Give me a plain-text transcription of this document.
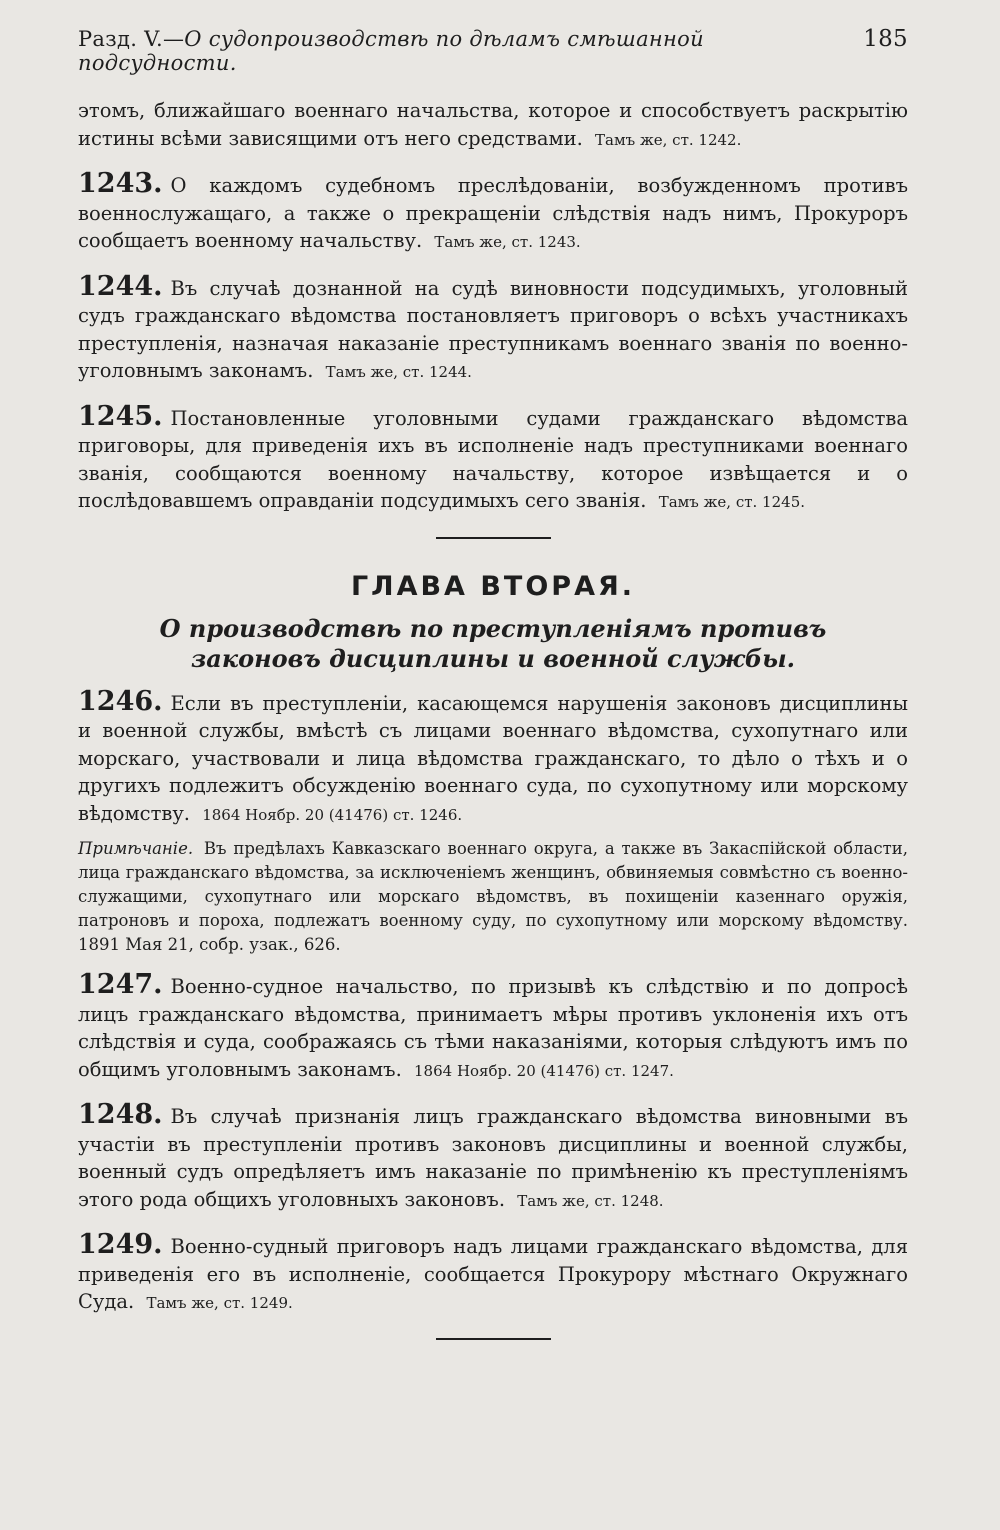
Разд. V.—О судопроизводствѣ по дѣламъ смѣшанной подсудности.
185

этомъ, ближайшаго военнаго начальства, которое и способствуетъ раскрытію истины всѣми зависящими отъ него средствами. Тамъ же, ст. 1242.

1243. О каждомъ судебномъ преслѣдованіи, возбужденномъ противъ военнослужащаго, а также о прекращеніи слѣдствія надъ нимъ, Прокуроръ сообщаетъ военному начальству. Тамъ же, ст. 1243.

1244. Въ случаѣ дознанной на судѣ виновности подсудимыхъ, уголовный судъ гражданскаго вѣдомства постановляетъ приговоръ о всѣхъ участникахъ преступленія, назначая наказаніе преступникамъ военнаго званія по военно-уголовнымъ законамъ. Тамъ же, ст. 1244.

1245. Постановленные уголовными судами гражданскаго вѣдомства приговоры, для приведенія ихъ въ исполненіе надъ преступниками военнаго званія, сообщаются военному начальству, которое извѣщается и о послѣдовавшемъ оправданіи подсудимыхъ сего званія. Тамъ же, ст. 1245.

ГЛАВА ВТОРАЯ.
О производствѣ по преступленіямъ противъ законовъ дисциплины и военной службы.

1246. Если въ преступленіи, касающемся нарушенія законовъ дисциплины и военной службы, вмѣстѣ съ лицами военнаго вѣдомства, сухопутнаго или морскаго, участвовали и лица вѣдомства гражданскаго, то дѣло о тѣхъ и о другихъ подлежитъ обсужденію военнаго суда, по сухопутному или морскому вѣдомству. 1864 Ноябр. 20 (41476) ст. 1246.

Примѣчаніе. Въ предѣлахъ Кавказскаго военнаго округа, а также въ Закаспійской области, лица гражданскаго вѣдомства, за исключеніемъ женщинъ, обвиняемыя совмѣстно съ военно-служащими, сухопутнаго или морскаго вѣдомствъ, въ похищеніи казеннаго оружія, патроновъ и пороха, подлежатъ военному суду, по сухопутному или морскому вѣдомству. 1891 Мая 21, собр. узак., 626.

1247. Военно-судное начальство, по призывѣ къ слѣдствію и по допросѣ лицъ гражданскаго вѣдомства, принимаетъ мѣры противъ уклоненія ихъ отъ слѣдствія и суда, соображаясь съ тѣми наказаніями, которыя слѣдуютъ имъ по общимъ уголовнымъ законамъ. 1864 Ноябр. 20 (41476) ст. 1247.

1248. Въ случаѣ признанія лицъ гражданскаго вѣдомства виновными въ участіи въ преступленіи противъ законовъ дисциплины и военной службы, военный судъ опредѣляетъ имъ наказаніе по примѣненію къ преступленіямъ этого рода общихъ уголовныхъ законовъ. Тамъ же, ст. 1248.

1249. Военно-судный приговоръ надъ лицами гражданскаго вѣдомства, для приведенія его въ исполненіе, сообщается Прокурору мѣстнаго Окружнаго Суда. Тамъ же, ст. 1249.
